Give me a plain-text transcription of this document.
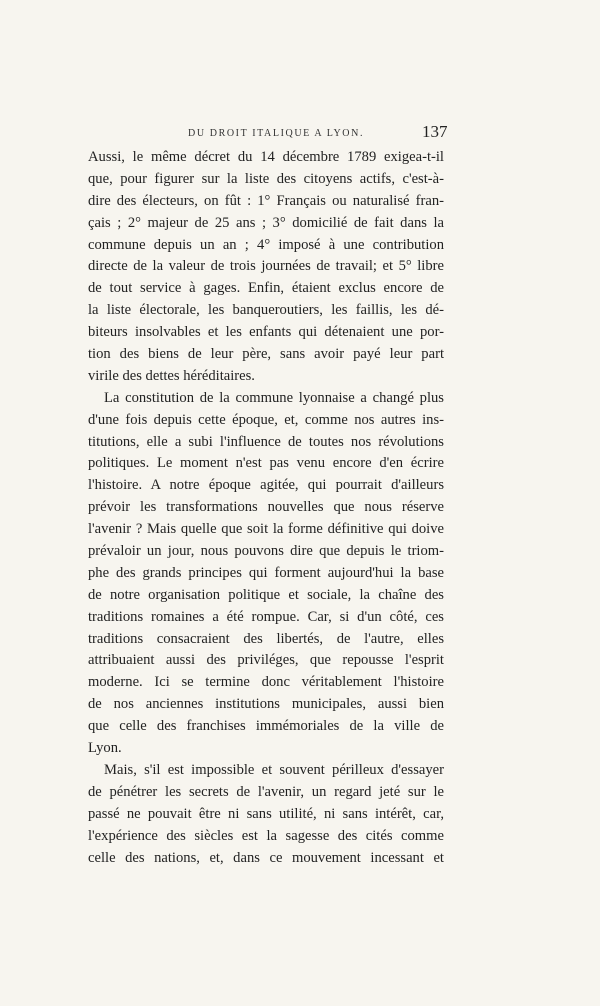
DU DROIT ITALIQUE A LYON.	137
Aussi, le même décret du 14 décembre 1789 exigea-t-il
que, pour figurer sur la liste des citoyens actifs, c'est-à-
dire des électeurs, on fût : 1° Français ou naturalisé fran-
çais ; 2° majeur de 25 ans ; 3° domicilié de fait dans la
commune depuis un an ; 4° imposé à une contribution
directe de la valeur de trois journées de travail; et 5° libre
de tout service à gages. Enfin, étaient exclus encore de
la liste électorale, les banqueroutiers, les faillis, les dé-
biteurs insolvables et les enfants qui détenaient une por-
tion des biens de leur père, sans avoir payé leur part
virile des dettes héréditaires.
La constitution de la commune lyonnaise a changé plus
d'une fois depuis cette époque, et, comme nos autres ins-
titutions, elle a subi l'influence de toutes nos révolutions
politiques. Le moment n'est pas venu encore d'en écrire
l'histoire. A notre époque agitée, qui pourrait d'ailleurs
prévoir les transformations nouvelles que nous réserve
l'avenir ? Mais quelle que soit la forme définitive qui doive
prévaloir un jour, nous pouvons dire que depuis le triom-
phe des grands principes qui forment aujourd'hui la base
de notre organisation politique et sociale, la chaîne des
traditions romaines a été rompue. Car, si d'un côté, ces
traditions consacraient des libertés, de l'autre, elles
attribuaient aussi des priviléges, que repousse l'esprit
moderne. Ici se termine donc véritablement l'histoire
de nos anciennes institutions municipales, aussi bien
que celle des franchises immémoriales de la ville de
Lyon.
Mais, s'il est impossible et souvent périlleux d'essayer
de pénétrer les secrets de l'avenir, un regard jeté sur le
passé ne pouvait être ni sans utilité, ni sans intérêt, car,
l'expérience des siècles est la sagesse des cités comme
celle des nations, et, dans ce mouvement incessant et
